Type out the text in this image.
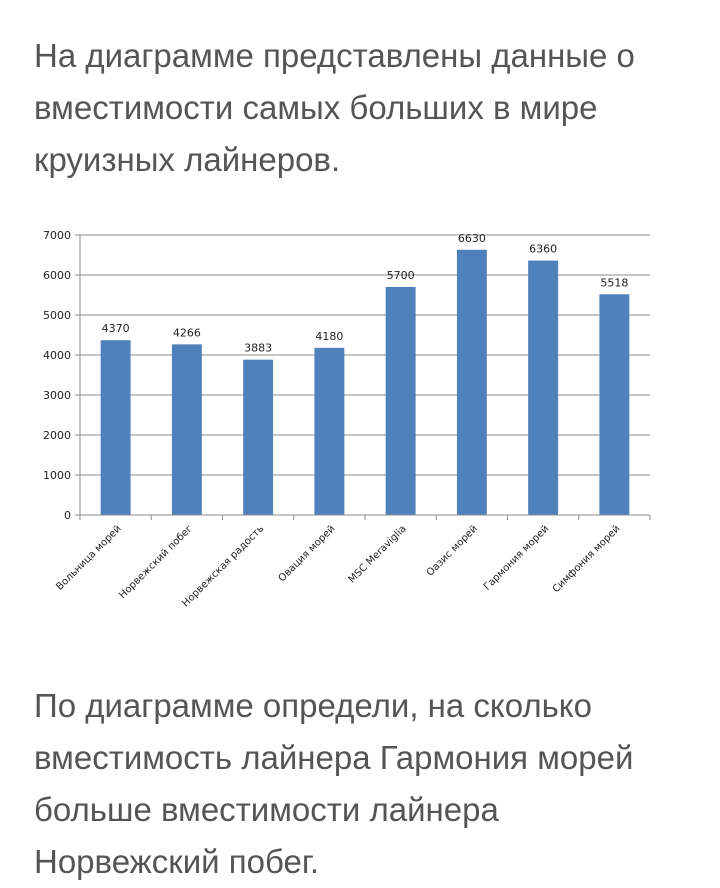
На диаграмме представлены данные о вместимости самых больших в мире круизных лайнеров.

0
1000
2000
3000
4000
5000
6000
7000
4370	4266
3883
4180
5700
6630
6360
5518
Вольница морей
Норвежский побег
Норвежская радость Овация морей MSC Meraviglia Оазис морей Гармония морей Симфония морей

По диаграмме определи, на сколько вместимость лайнера Гармония морей больше вместимости лайнера Норвежский побег.
